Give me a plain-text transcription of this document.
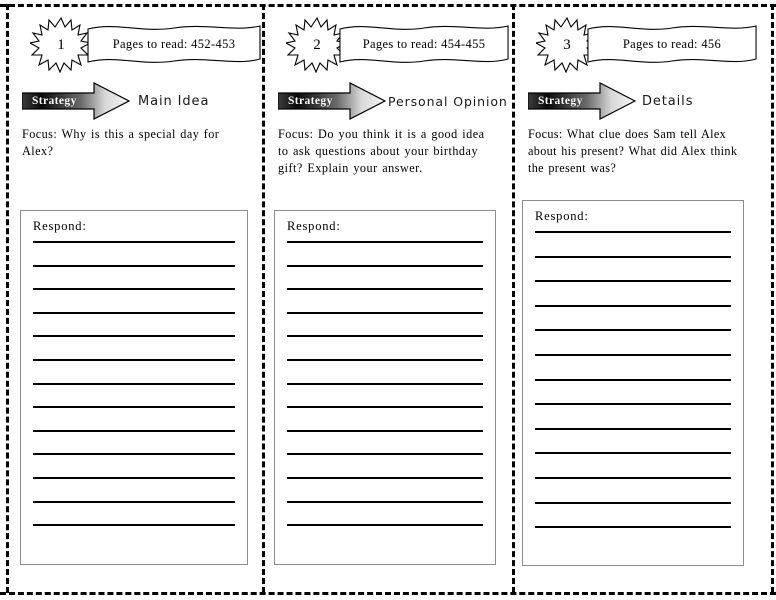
1	Pages to read: 452-453
Strategy	Main Idea
Focus: Why is this a special day for Alex?
Respond:
2	Pages to read: 454-455
Strategy	Personal Opinion
Focus: Do you think it is a good idea to ask questions about your birthday gift? Explain your answer.
Respond:
3	Pages to read: 456
Strategy	Details
Focus: What clue does Sam tell Alex about his present? What did Alex think the present was?
Respond:
